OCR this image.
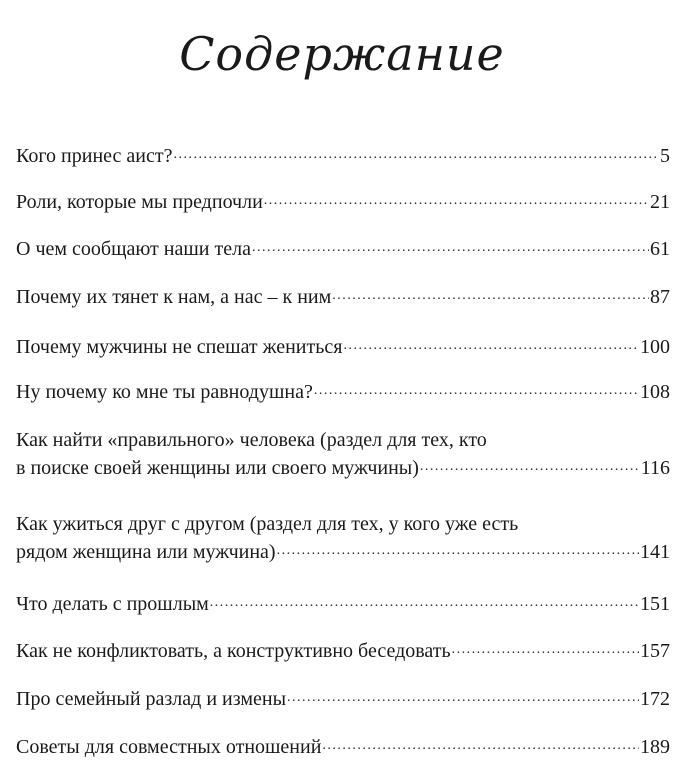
Содержание
Кого принес аист? . . .	5
Роли, которые мы предпочли . . .	21
О чем сообщают наши тела . . .	61
Почему их тянет к нам, а нас – к ним . . .	87
Почему мужчины не спешат жениться . . .	100
Ну почему ко мне ты равнодушна? . . .	108
Как найти «правильного» человека (раздел для тех, кто
в поиске своей женщины или своего мужчины) . . .	116
Как ужиться друг с другом (раздел для тех, у кого уже есть
рядом женщина или мужчина) . . .	141
Что делать с прошлым . . .	151
Как не конфликтовать, а конструктивно беседовать . . .	157
Про семейный разлад и измены . . .	172
Советы для совместных отношений . . .	189
